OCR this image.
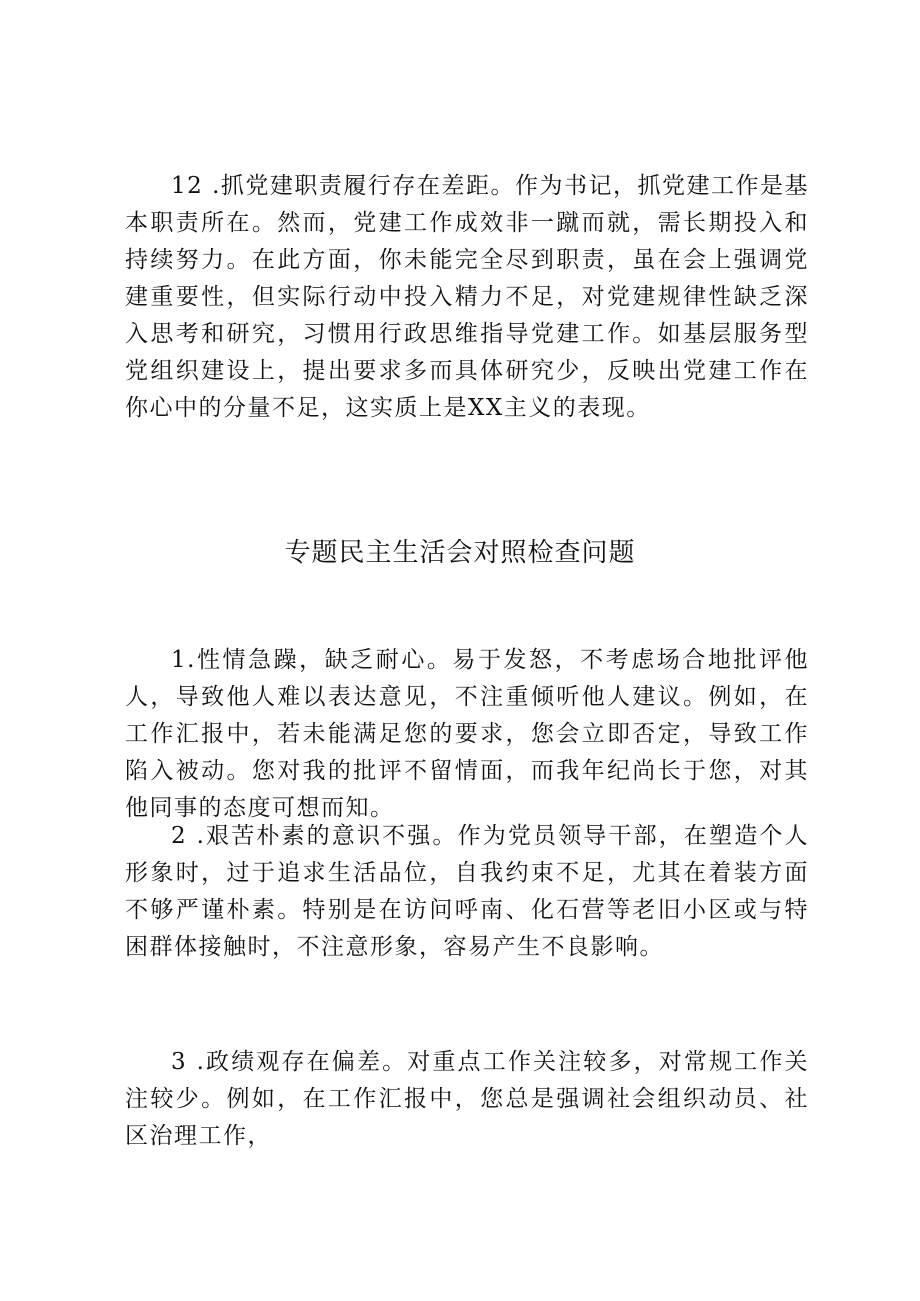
12 .抓党建职责履行存在差距。作为书记，抓党建工作是基本职责所在。然而，党建工作成效非一蹴而就，需长期投入和持续努力。在此方面，你未能完全尽到职责，虽在会上强调党建重要性，但实际行动中投入精力不足，对党建规律性缺乏深入思考和研究，习惯用行政思维指导党建工作。如基层服务型党组织建设上，提出要求多而具体研究少，反映出党建工作在你心中的分量不足，这实质上是XX主义的表现。

专题民主生活会对照检查问题

1.性情急躁，缺乏耐心。易于发怒，不考虑场合地批评他人，导致他人难以表达意见，不注重倾听他人建议。例如，在工作汇报中，若未能满足您的要求，您会立即否定，导致工作陷入被动。您对我的批评不留情面，而我年纪尚长于您，对其他同事的态度可想而知。

2 .艰苦朴素的意识不强。作为党员领导干部，在塑造个人形象时，过于追求生活品位，自我约束不足，尤其在着装方面不够严谨朴素。特别是在访问呼南、化石营等老旧小区或与特困群体接触时，不注意形象，容易产生不良影响。

3 .政绩观存在偏差。对重点工作关注较多，对常规工作关注较少。例如，在工作汇报中，您总是强调社会组织动员、社区治理工作，
